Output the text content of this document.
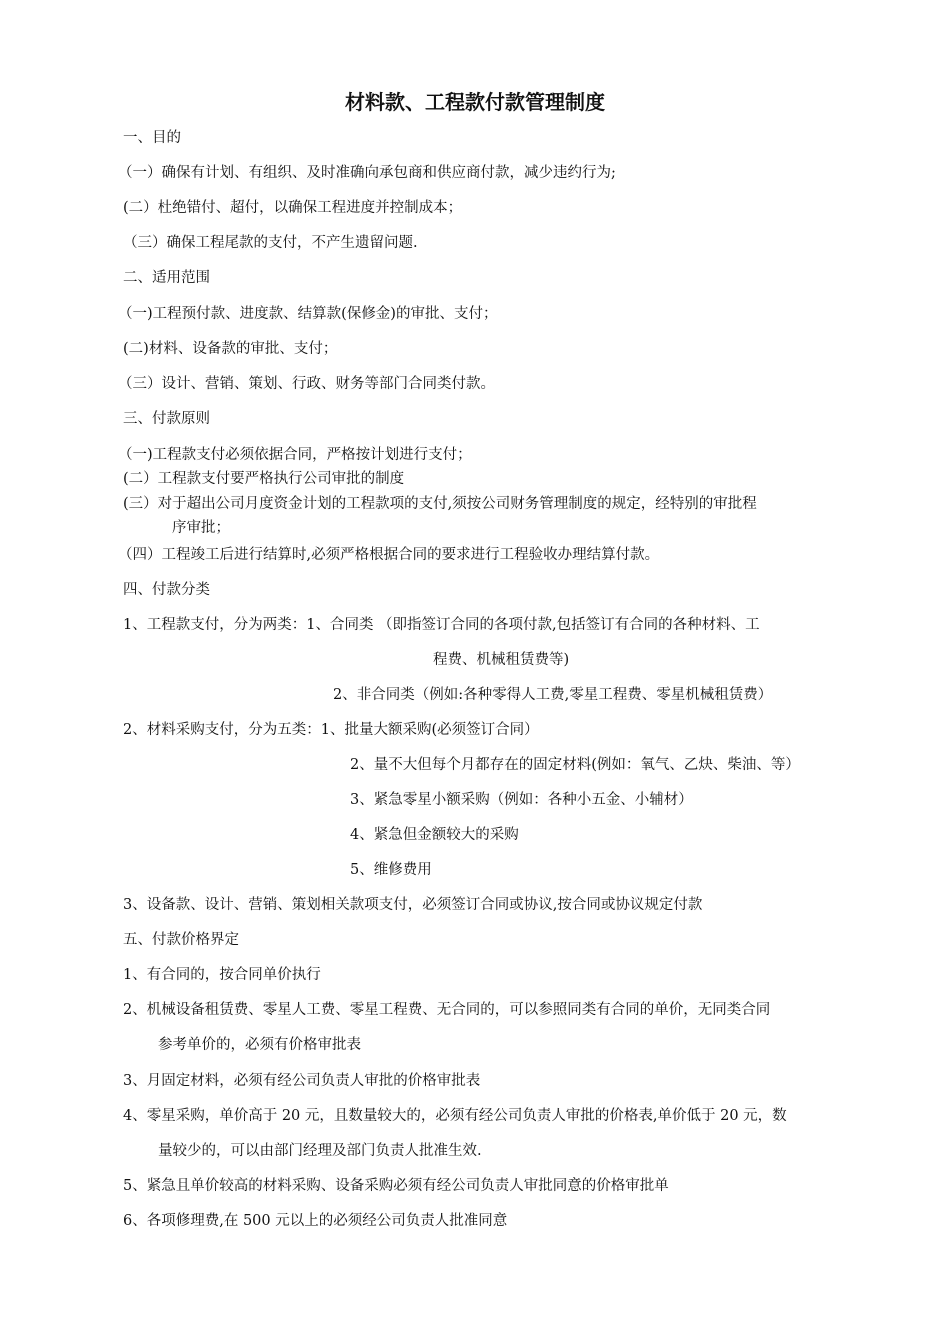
材料款、工程款付款管理制度
一、目的
（一）确保有计划、有组织、及时准确向承包商和供应商付款，减少违约行为;
(二）杜绝错付、超付，以确保工程进度并控制成本；
（三）确保工程尾款的支付，不产生遗留问题.
二、适用范围
（一)工程预付款、进度款、结算款(保修金)的审批、支付；
(二)材料、设备款的审批、支付；
（三）设计、营销、策划、行政、财务等部门合同类付款。
三、付款原则
（一)工程款支付必须依据合同，严格按计划进行支付；
(二）工程款支付要严格执行公司审批的制度
(三）对于超出公司月度资金计划的工程款项的支付,须按公司财务管理制度的规定，经特别的审批程
序审批；
（四）工程竣工后进行结算时,必须严格根据合同的要求进行工程验收办理结算付款。
四、付款分类
1、工程款支付，分为两类：1、合同类 （即指签订合同的各项付款,包括签订有合同的各种材料、工
程费、机械租赁费等)
2、非合同类（例如:各种零得人工费,零星工程费、零星机械租赁费）
2、材料采购支付，分为五类：1、批量大额采购(必须签订合同）
2、量不大但每个月都存在的固定材料(例如：氧气、乙炔、柴油、等）
3、紧急零星小额采购（例如：各种小五金、小辅材）
4、紧急但金额较大的采购
5、维修费用
3、设备款、设计、营销、策划相关款项支付，必须签订合同或协议,按合同或协议规定付款
五、付款价格界定
1、有合同的，按合同单价执行
2、机械设备租赁费、零星人工费、零星工程费、无合同的，可以参照同类有合同的单价，无同类合同
参考单价的，必须有价格审批表
3、月固定材料，必须有经公司负责人审批的价格审批表
4、零星采购，单价高于 20 元，且数量较大的，必须有经公司负责人审批的价格表,单价低于 20 元，数
量较少的，可以由部门经理及部门负责人批准生效.
5、紧急且单价较高的材料采购、设备采购必须有经公司负责人审批同意的价格审批单
6、各项修理费,在 500 元以上的必须经公司负责人批准同意
